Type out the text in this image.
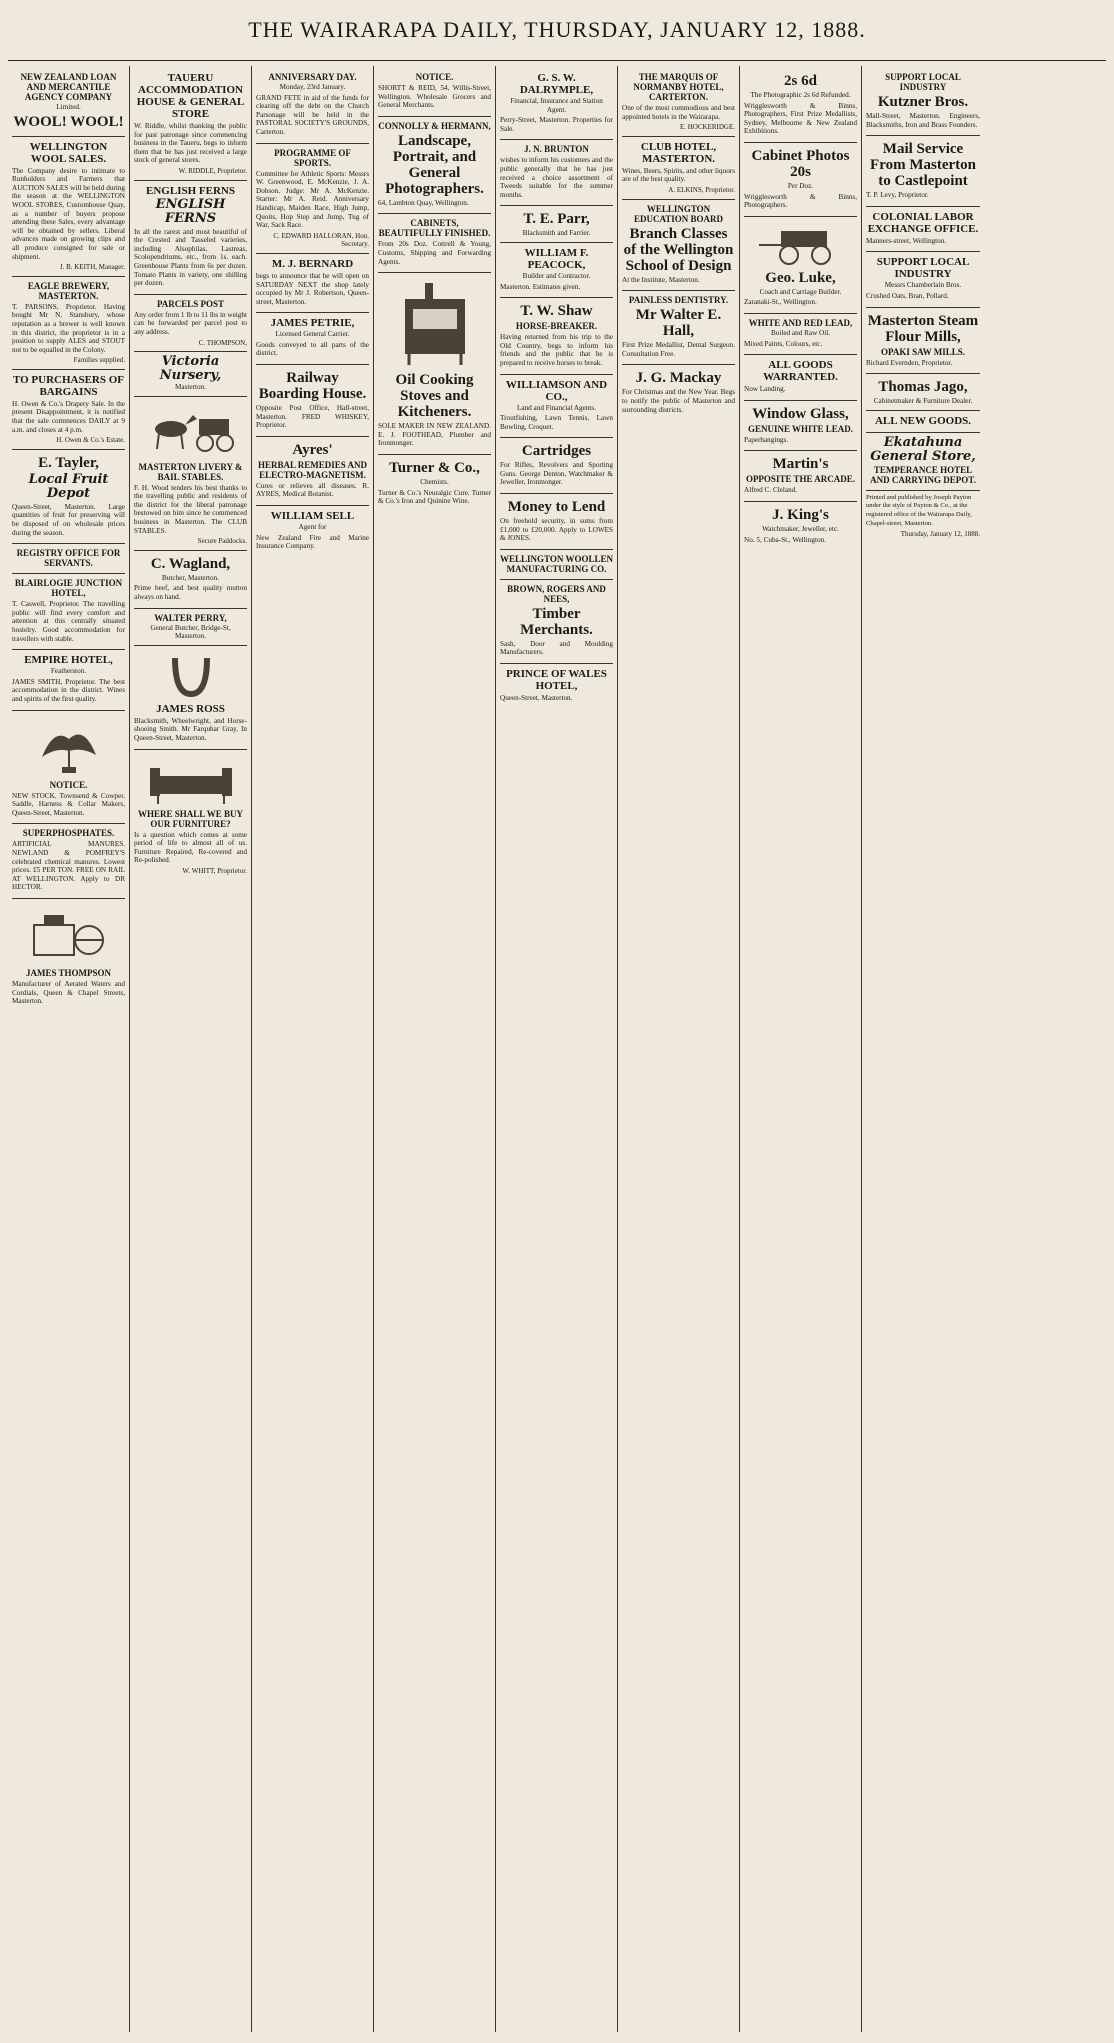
THE WAIRARAPA DAILY, THURSDAY, JANUARY 12, 1888.
NEW ZEALAND LOAN AND MERCANTILE AGENCY COMPANY
Limited.
WOOL! WOOL!
WELLINGTON WOOL SALES.
The Company desire to intimate to Runholders and Farmers that AUCTION SALES will be held during the season at the WELLINGTON WOOL STORES, Customhouse Quay, as a number of buyers propose attending these Sales, every advantage will be obtained by sellers. Liberal advances made on growing clips and all produce consigned for sale or shipment.
J. B. KEITH, Manager.
EAGLE BREWERY, MASTERTON.
T. PARSONS, Proprietor. Having bought Mr N. Stansbury, whose reputation as a brewer is well known in this district, the proprietor is in a position to supply ALES and STOUT not to be equalled in the Colony.
Families supplied.
TO PURCHASERS OF BARGAINS
H. Owen & Co.'s Drapery Sale. In the present Disappointment, it is notified that the sale commences DAILY at 9 a.m. and closes at 4 p.m.
H. Owen & Co.'s Estate.
E. Tayler,
Local Fruit Depot
Queen-Street, Masterton. Large quantities of fruit for preserving will be disposed of on wholesale prices during the season.
REGISTRY OFFICE FOR SERVANTS.
BLAIRLOGIE JUNCTION HOTEL,
T. Caswell, Proprietor. The travelling public will find every comfort and attention at this centrally situated hostelry. Good accommodation for travellers with stable.
EMPIRE HOTEL,
Featherston.
JAMES SMITH, Proprietor. The best accommodation in the district. Wines and spirits of the first quality.
NOTICE.
NEW STOCK. Townsend & Cowper. Saddle, Harness & Collar Makers, Queen-Street, Masterton.
SUPERPHOSPHATES.
ARTIFICIAL MANURES. NEWLAND & POMFREY'S celebrated chemical manures. Lowest prices. £5 PER TON. FREE ON RAIL AT WELLINGTON. Apply to DR HECTOR.
JAMES THOMPSON
Manufacturer of Aerated Waters and Cordials, Queen & Chapel Streets, Masterton.
TAUERU ACCOMMODATION HOUSE & GENERAL STORE
W. Riddle, whilst thanking the public for past patronage since commencing business in the Taueru, begs to inform them that he has just received a large stock of general stores.
W. RIDDLE, Proprietor.
ENGLISH FERNS
ENGLISH FERNS
In all the rarest and most beautiful of the Crested and Tasseled varieties, including Alsophilas, Lastreas, Scolopendriums, etc., from 1s. each. Greenhouse Plants from 6s per dozen. Tomato Plants in variety, one shilling per dozen.
PARCELS POST
Any order from 1 lb to 11 lbs in weight can be forwarded per parcel post to any address.
C. THOMPSON,
Victoria Nursery,
Masterton.
MASTERTON LIVERY & BAIL STABLES.
F. H. Wood tenders his best thanks to the travelling public and residents of the district for the liberal patronage bestowed on him since he commenced business in Masterton. The CLUB STABLES.
Secure Paddocks.
C. Wagland,
Butcher, Masterton.
Prime beef, and best quality mutton always on hand.
WALTER PERRY,
General Butcher, Bridge-St, Masterton.
JAMES ROSS
Blacksmith, Wheelwright, and Horse-shoeing Smith. Mr Farquhar Gray, In Queen-Street, Masterton.
WHERE SHALL WE BUY OUR FURNITURE?
Is a question which comes at some period of life to almost all of us. Furniture Repaired, Re-covered and Re-polished.
W. WHITT, Proprietor.
ANNIVERSARY DAY.
Monday, 23rd January.
GRAND FETE in aid of the funds for clearing off the debt on the Church Parsonage will be held in the PASTORAL SOCIETY'S GROUNDS, Carterton.
PROGRAMME OF SPORTS.
Committee for Athletic Sports: Messrs W. Greenwood, E. McKenzie, J. A. Dobson. Judge: Mr A. McKenzie. Starter: Mr A. Reid. Anniversary Handicap, Maiden Race, High Jump, Quoits, Hop Step and Jump, Tug of War, Sack Race.
C. EDWARD HALLORAN, Hon. Secretary.
M. J. BERNARD
begs to announce that he will open on SATURDAY NEXT the shop lately occupied by Mr J. Robertson, Queen-street, Masterton.
JAMES PETRIE,
Licensed General Carrier.
Goods conveyed to all parts of the district.
Railway Boarding House.
Opposite Post Office, Hall-street, Masterton. FRED WHISKEY, Proprietor.
Ayres'
HERBAL REMEDIES AND ELECTRO-MAGNETISM.
Cures or relieves all diseases. R. AYRES, Medical Botanist.
WILLIAM SELL
Agent for
New Zealand Fire and Marine Insurance Company.
NOTICE.
SHORTT & REID, 54, Willis-Street, Wellington. Wholesale Grocers and General Merchants.
CONNOLLY & HERMANN,
Landscape, Portrait, and General Photographers.
64, Lambton Quay, Wellington.
CABINETS, BEAUTIFULLY FINISHED.
From 20s Doz. Cottrell & Young, Customs, Shipping and Forwarding Agents.
Oil Cooking Stoves and Kitcheners.
SOLE MAKER IN NEW ZEALAND. E. J. FOOTHEAD, Plumber and Ironmonger.
Turner & Co.,
Chemists.
Turner & Co.'s Neuralgic Cure. Turner & Co.'s Iron and Quinine Wine.
G. S. W. DALRYMPLE,
Financial, Insurance and Station Agent.
Perry-Street, Masterton. Properties for Sale.
J. N. BRUNTON
wishes to inform his customers and the public generally that he has just received a choice assortment of Tweeds suitable for the summer months.
T. E. Parr,
Blacksmith and Farrier.
WILLIAM F. PEACOCK,
Builder and Contractor.
Masterton. Estimates given.
T. W. Shaw
HORSE-BREAKER.
Having returned from his trip to the Old Country, begs to inform his friends and the public that he is prepared to receive horses to break.
WILLIAMSON AND CO.,
Land and Financial Agents.
Troutfishing, Lawn Tennis, Lawn Bowling, Croquet.
Cartridges
For Rifles, Revolvers and Sporting Guns. George Denton, Watchmaker & Jeweller, Ironmonger.
Money to Lend
On freehold security, in sums from £1,000 to £20,000. Apply to LOWES & JONES.
WELLINGTON WOOLLEN MANUFACTURING CO.
BROWN, ROGERS AND NEES,
Timber Merchants.
Sash, Door and Moulding Manufacturers.
PRINCE OF WALES HOTEL,
Queen-Street, Masterton.
THE MARQUIS OF NORMANBY HOTEL, CARTERTON.
One of the most commodious and best appointed hotels in the Wairarapa.
E. HOCKERIDGE.
CLUB HOTEL, MASTERTON.
Wines, Beers, Spirits, and other liquors are of the best quality.
A. ELKINS, Proprietor.
WELLINGTON EDUCATION BOARD
Branch Classes of the Wellington School of Design
At the Institute, Masterton.
PAINLESS DENTISTRY.
Mr Walter E. Hall,
First Prize Medallist, Dental Surgeon. Consultation Free.
J. G. Mackay
For Christmas and the New Year. Begs to notify the public of Masterton and surrounding districts.
2s 6d
The Photographic 2s 6d Refunded.
Wrigglesworth & Binns, Photographers, First Prize Medallists, Sydney, Melbourne & New Zealand Exhibitions.
Cabinet Photos 20s
Per Doz.
Wrigglesworth & Binns, Photographers.
Geo. Luke,
Coach and Carriage Builder.
Zaranaki-St., Wellington.
WHITE AND RED LEAD,
Boiled and Raw Oil.
Mixed Paints, Colours, etc.
ALL GOODS WARRANTED.
Now Landing.
Window Glass,
GENUINE WHITE LEAD.
Paperhangings.
Martin's
OPPOSITE THE ARCADE.
Alfred C. Cleland.
J. King's
Watchmaker, Jeweller, etc.
No. 5, Cuba-St., Wellington.
SUPPORT LOCAL INDUSTRY
Kutzner Bros.
Mall-Street, Masterton. Engineers, Blacksmiths, Iron and Brass Founders.
Mail Service From Masterton to Castlepoint
T. P. Levy, Proprietor.
COLONIAL LABOR EXCHANGE OFFICE.
Manners-street, Wellington.
SUPPORT LOCAL INDUSTRY
Messrs Chamberlain Bros.
Crushed Oats, Bran, Pollard.
Masterton Steam Flour Mills,
OPAKI SAW MILLS.
Richard Evernden, Proprietor.
Thomas Jago,
Cabinetmaker & Furniture Dealer.
ALL NEW GOODS.
Ekatahuna General Store,
TEMPERANCE HOTEL AND CARRYING DEPOT.
Printed and published by Joseph Payton under the style of Payton & Co., at the registered office of the Wairarapa Daily, Chapel-street, Masterton.
Thursday, January 12, 1888.
